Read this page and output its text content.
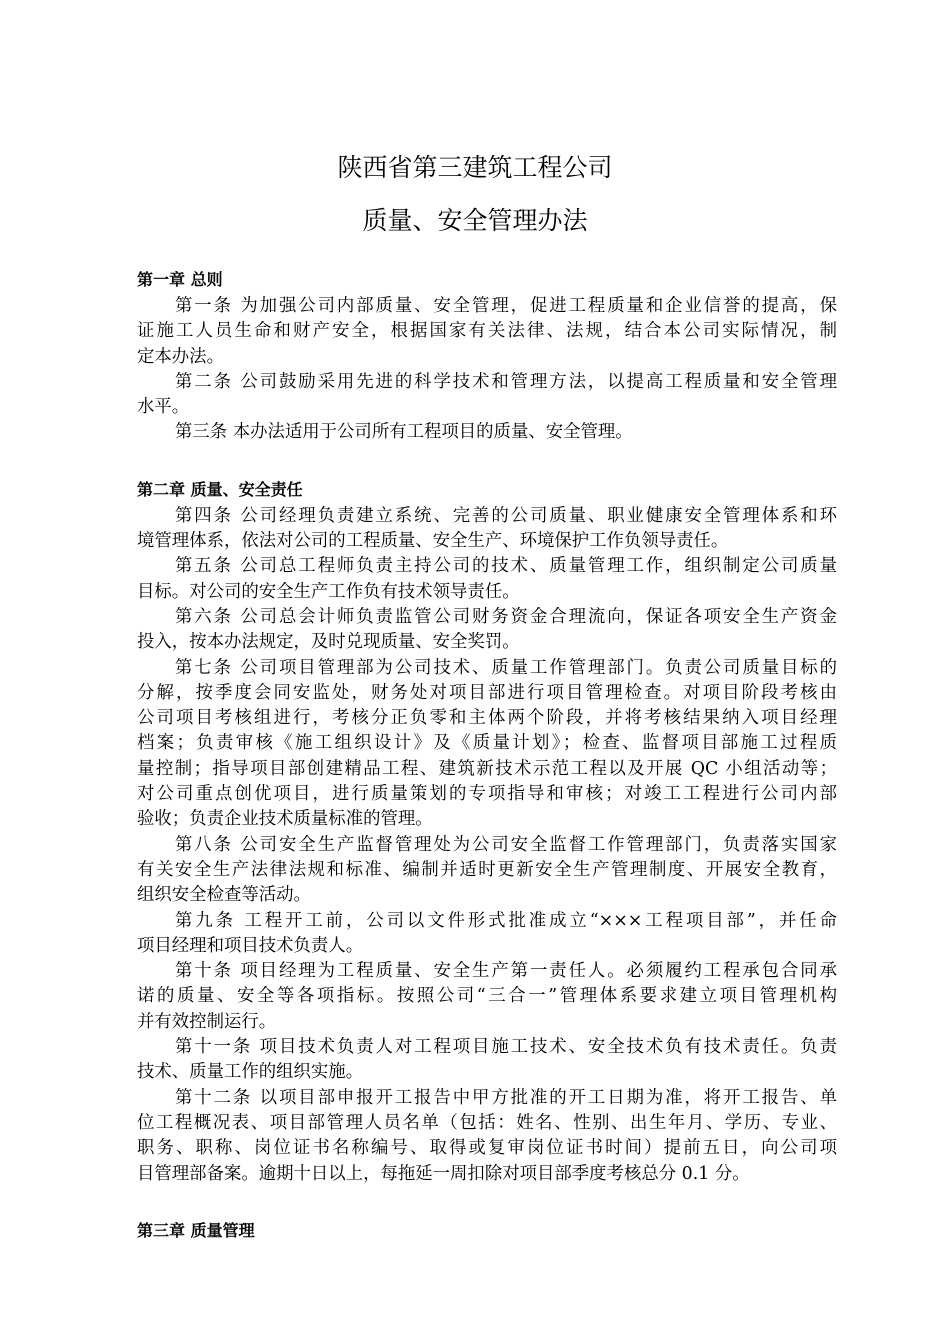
陕西省第三建筑工程公司
质量、安全管理办法
第一章 总则
第一条 为加强公司内部质量、安全管理，促进工程质量和企业信誉的提高，保
证施工人员生命和财产安全，根据国家有关法律、法规，结合本公司实际情况，制
定本办法。
第二条 公司鼓励采用先进的科学技术和管理方法，以提高工程质量和安全管理
水平。
第三条 本办法适用于公司所有工程项目的质量、安全管理。
第二章 质量、安全责任
第四条 公司经理负责建立系统、完善的公司质量、职业健康安全管理体系和环
境管理体系，依法对公司的工程质量、安全生产、环境保护工作负领导责任。
第五条 公司总工程师负责主持公司的技术、质量管理工作，组织制定公司质量
目标。对公司的安全生产工作负有技术领导责任。
第六条 公司总会计师负责监管公司财务资金合理流向，保证各项安全生产资金
投入，按本办法规定，及时兑现质量、安全奖罚。
第七条 公司项目管理部为公司技术、质量工作管理部门。负责公司质量目标的
分解，按季度会同安监处，财务处对项目部进行项目管理检查。对项目阶段考核由
公司项目考核组进行，考核分正负零和主体两个阶段，并将考核结果纳入项目经理
档案；负责审核《施工组织设计》及《质量计划》；检查、监督项目部施工过程质
量控制；指导项目部创建精品工程、建筑新技术示范工程以及开展 QC 小组活动等；
对公司重点创优项目，进行质量策划的专项指导和审核；对竣工工程进行公司内部
验收；负责企业技术质量标准的管理。
第八条 公司安全生产监督管理处为公司安全监督工作管理部门，负责落实国家
有关安全生产法律法规和标准、编制并适时更新安全生产管理制度、开展安全教育，
组织安全检查等活动。
第九条 工程开工前，公司以文件形式批准成立“×××工程项目部”，并任命
项目经理和项目技术负责人。
第十条 项目经理为工程质量、安全生产第一责任人。必须履约工程承包合同承
诺的质量、安全等各项指标。按照公司“三合一”管理体系要求建立项目管理机构
并有效控制运行。
第十一条 项目技术负责人对工程项目施工技术、安全技术负有技术责任。负责
技术、质量工作的组织实施。
第十二条 以项目部申报开工报告中甲方批准的开工日期为准，将开工报告、单
位工程概况表、项目部管理人员名单（包括：姓名、性别、出生年月、学历、专业、
职务、职称、岗位证书名称编号、取得或复审岗位证书时间）提前五日，向公司项
目管理部备案。逾期十日以上，每拖延一周扣除对项目部季度考核总分 0.1 分。
第三章 质量管理
